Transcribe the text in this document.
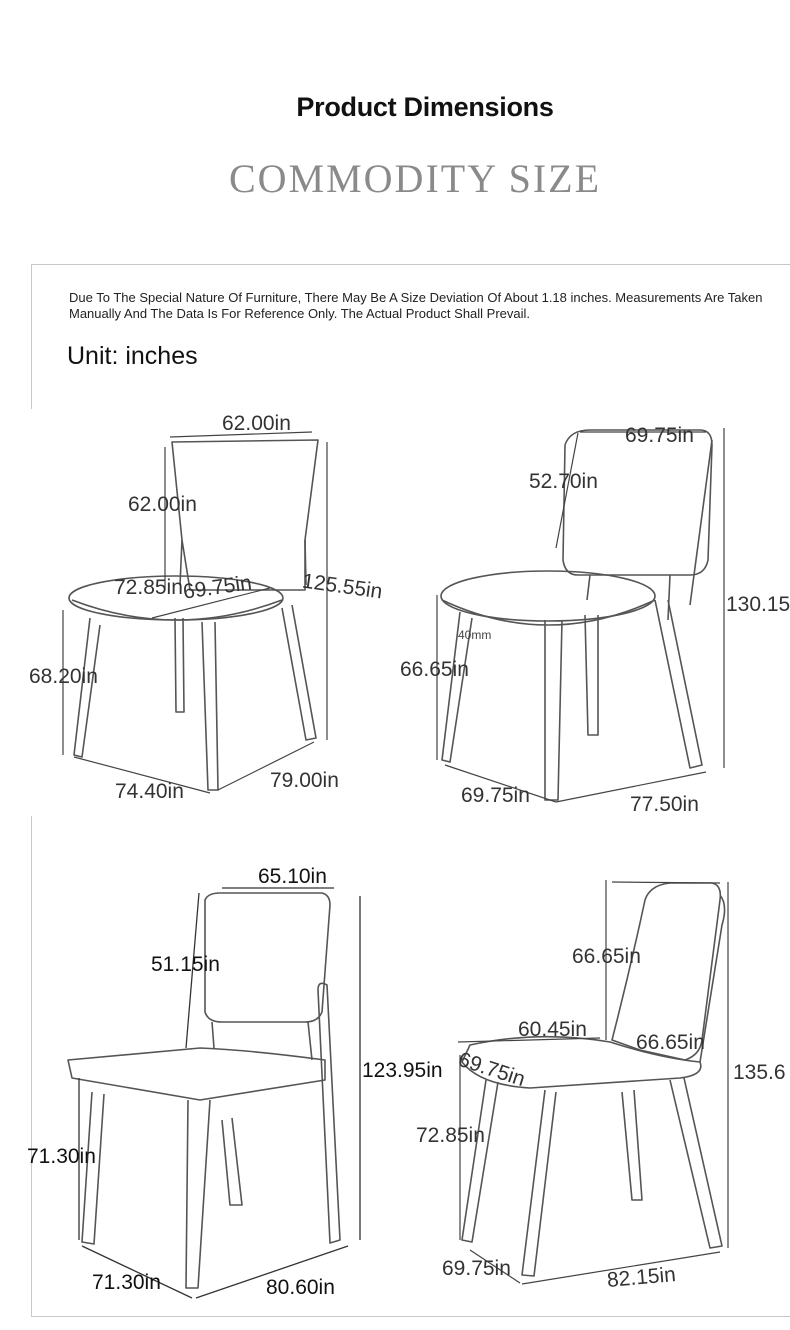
Product Dimensions
COMMODITY SIZE
Due To The Special Nature Of Furniture, There May Be A Size Deviation Of About 1.18 inches. Measurements Are Taken Manually And The Data Is For Reference Only. The Actual Product Shall Prevail.
Unit: inches
62.00in
62.00in
72.85in
69.75in 125.55in
68.20in
74.40in	79.00in
69.75in
52.70in
130.15
40mm
66.65in
69.75in	77.50in
65.10in
51.15in
123.95in
71.30in
71.30in	80.60in
66.65in
60.45in
66.65in
69.75in	135.6
72.85in
69.75in	82.15in
